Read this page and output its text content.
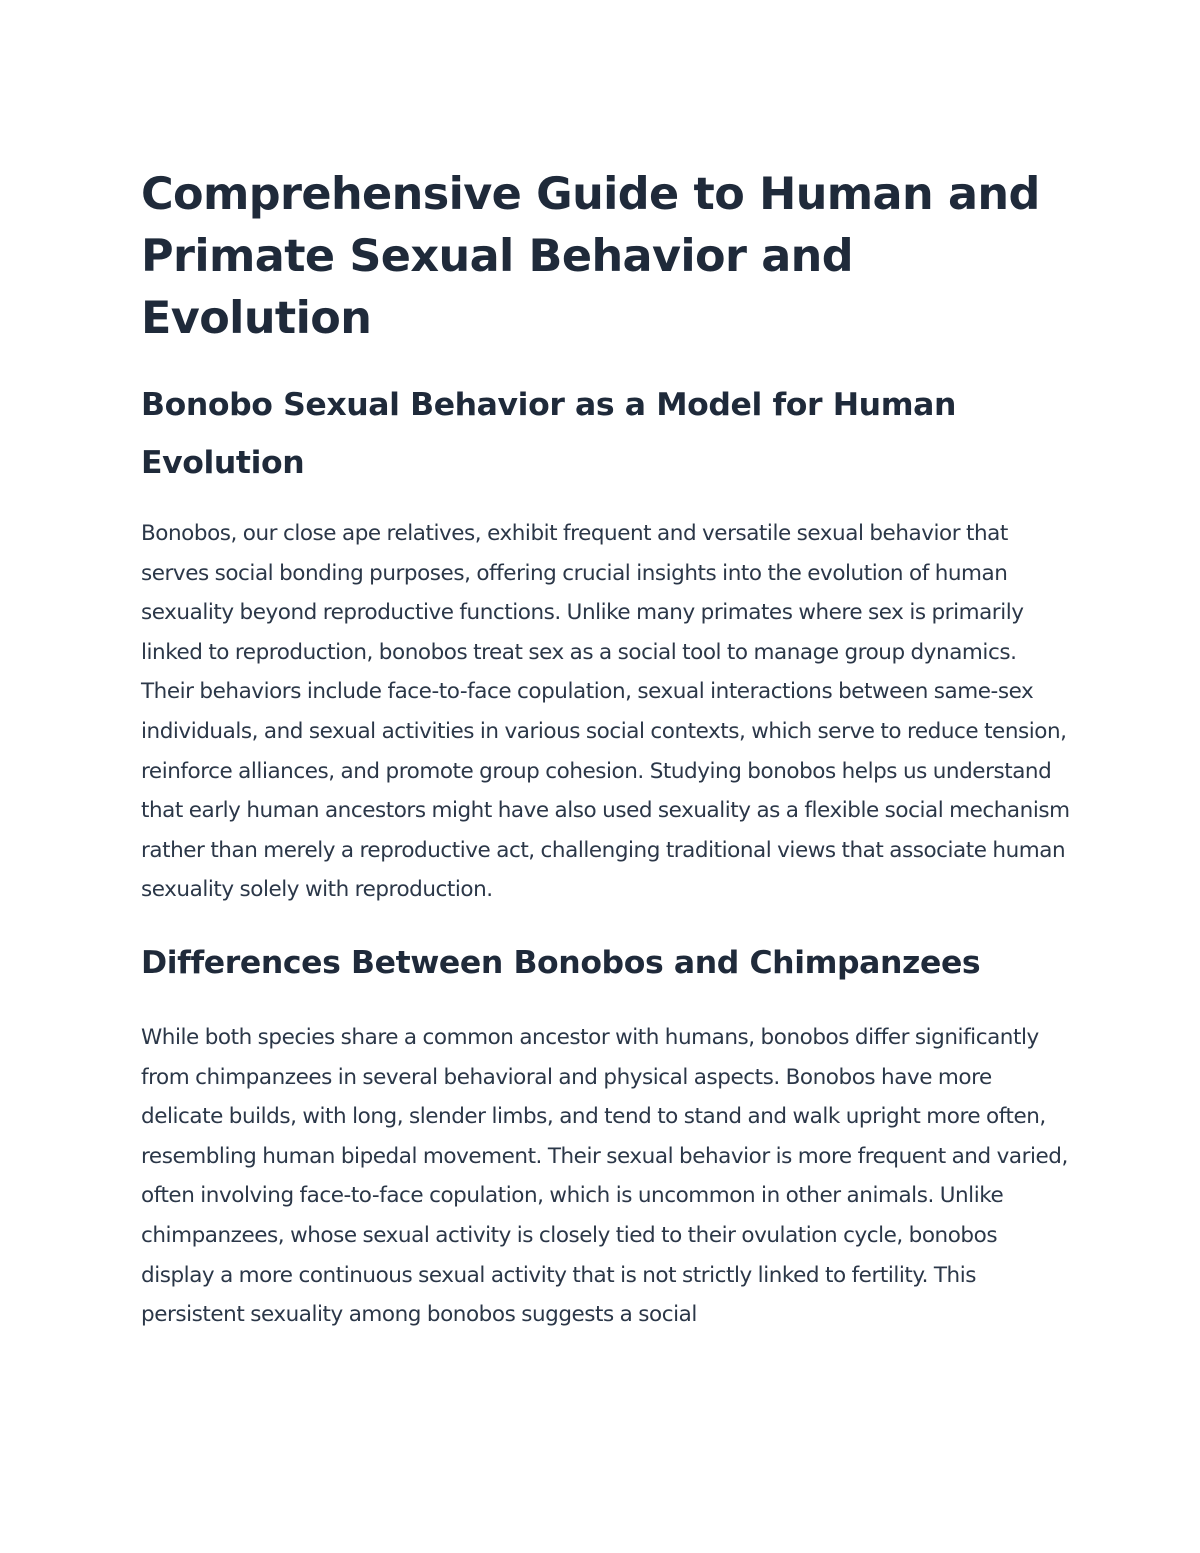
Comprehensive Guide to Human and Primate Sexual Behavior and Evolution
Bonobo Sexual Behavior as a Model for Human Evolution

Bonobos, our close ape relatives, exhibit frequent and versatile sexual behavior that serves social bonding purposes, offering crucial insights into the evolution of human sexuality beyond reproductive functions. Unlike many primates where sex is primarily linked to reproduction, bonobos treat sex as a social tool to manage group dynamics. Their behaviors include face-to-face copulation, sexual interactions between same-sex individuals, and sexual activities in various social contexts, which serve to reduce tension, reinforce alliances, and promote group cohesion. Studying bonobos helps us understand that early human ancestors might have also used sexuality as a flexible social mechanism rather than merely a reproductive act, challenging traditional views that associate human sexuality solely with reproduction.

Differences Between Bonobos and Chimpanzees

While both species share a common ancestor with humans, bonobos differ significantly from chimpanzees in several behavioral and physical aspects. Bonobos have more delicate builds, with long, slender limbs, and tend to stand and walk upright more often, resembling human bipedal movement. Their sexual behavior is more frequent and varied, often involving face-to-face copulation, which is uncommon in other animals. Unlike chimpanzees, whose sexual activity is closely tied to their ovulation cycle, bonobos display a more continuous sexual activity that is not strictly linked to fertility. This persistent sexuality among bonobos suggests a social
